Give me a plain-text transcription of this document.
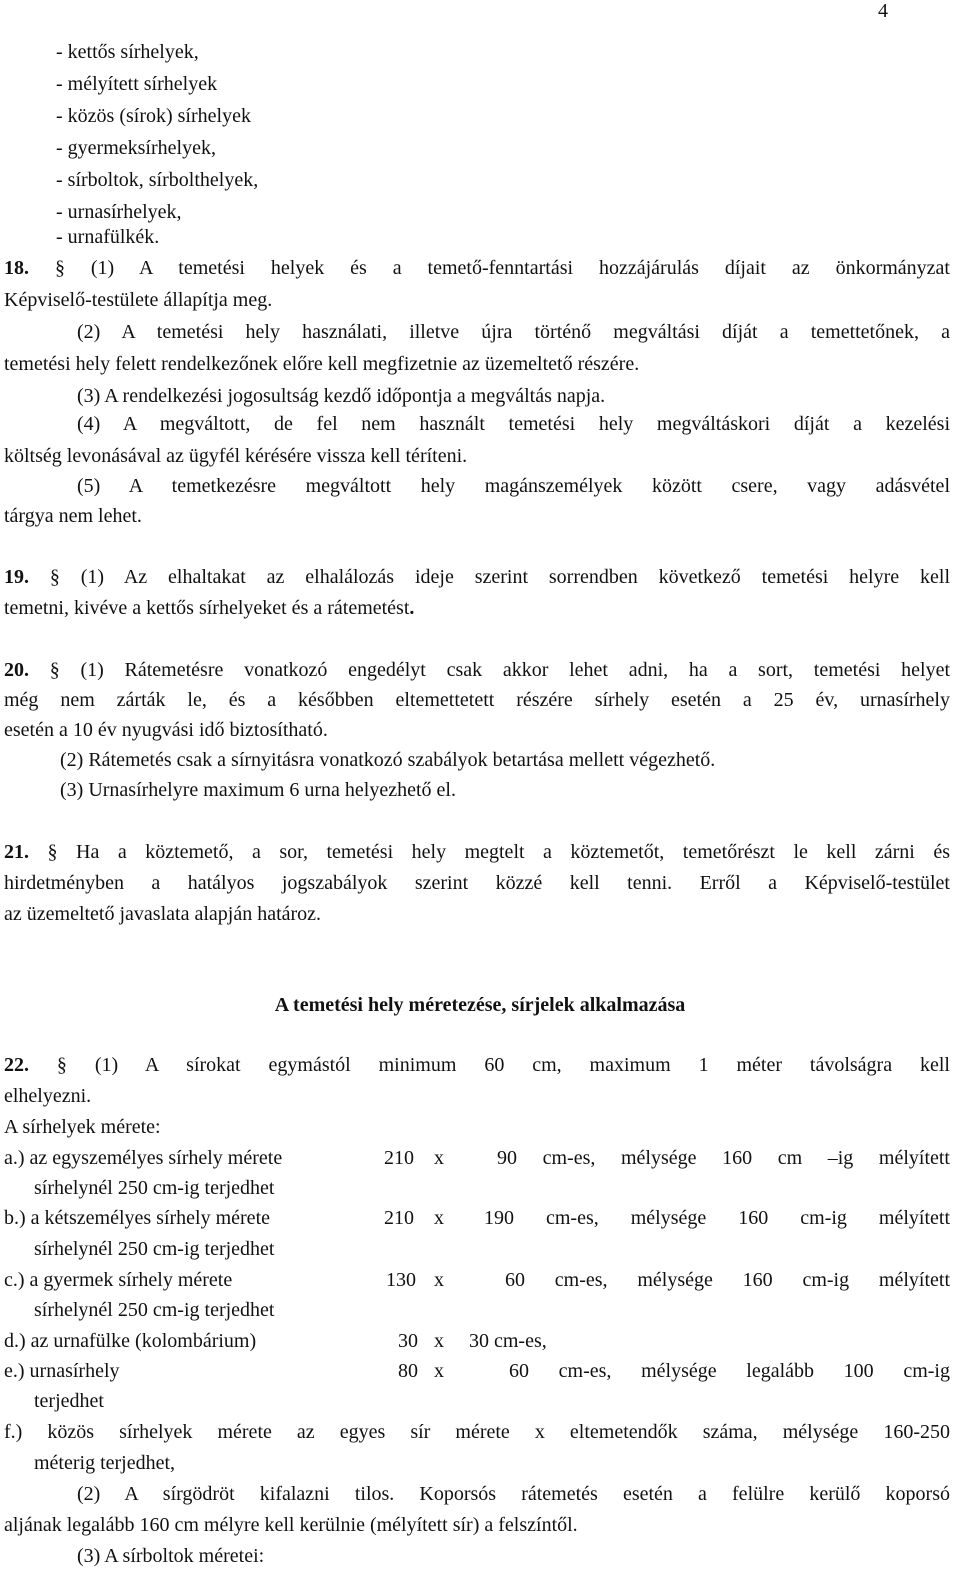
4
- kettős sírhelyek,
- mélyített sírhelyek
- közös (sírok) sírhelyek
- gyermeksírhelyek,
- sírboltok, sírbolthelyek,
- urnasírhelyek,
- urnafülkék.
18. § (1) A temetési helyek és a temető-fenntartási hozzájárulás díjait az önkormányzat
Képviselő-testülete állapítja meg.
(2) A temetési hely használati, illetve újra történő megváltási díját a temettetőnek, a
temetési hely felett rendelkezőnek előre kell megfizetnie az üzemeltető részére.
(3) A rendelkezési jogosultság kezdő időpontja a megváltás napja.
(4) A megváltott, de fel nem használt temetési hely megváltáskori díját a kezelési
költség levonásával az ügyfél kérésére vissza kell téríteni.
(5) A temetkezésre megváltott hely magánszemélyek között csere, vagy adásvétel
tárgya nem lehet.
19. § (1) Az elhaltakat az elhalálozás ideje szerint sorrendben következő temetési helyre kell
temetni, kivéve a kettős sírhelyeket és a rátemetést.
20. § (1) Rátemetésre vonatkozó engedélyt csak akkor lehet adni, ha a sort, temetési helyet
még nem zárták le, és a későbben eltemettetett részére sírhely esetén a 25 év, urnasírhely
esetén a 10 év nyugvási idő biztosítható.
(2) Rátemetés csak a sírnyitásra vonatkozó szabályok betartása mellett végezhető.
(3) Urnasírhelyre maximum 6 urna helyezhető el.
21. § Ha a köztemető, a sor, temetési hely megtelt a köztemetőt, temetőrészt le kell zárni és
hirdetményben a hatályos jogszabályok szerint közzé kell tenni. Erről a Képviselő-testület
az üzemeltető javaslata alapján határoz.
A temetési hely méretezése, sírjelek alkalmazása
22. § (1) A sírokat egymástól minimum 60 cm, maximum 1 méter távolságra kell
elhelyezni.
A sírhelyek mérete:
a.) az egyszemélyes sírhely mérete	210 x	90 cm-es, mélysége 160 cm –ig mélyített
sírhelynél 250 cm-ig terjedhet
b.) a kétszemélyes sírhely mérete	210 x 190 cm-es, mélysége 160 cm-ig mélyített
sírhelynél 250 cm-ig terjedhet
c.) a gyermek sírhely mérete	130 x	60 cm-es, mélysége 160 cm-ig mélyített
sírhelynél 250 cm-ig terjedhet
d.) az urnafülke (kolombárium)	30 x 30 cm-es,
e.) urnasírhely	80 x	60 cm-es, mélysége legalább 100 cm-ig
terjedhet
f.) közös sírhelyek mérete az egyes sír mérete x eltemetendők száma, mélysége 160-250
méterig terjedhet,
(2) A sírgödröt kifalazni tilos. Koporsós rátemetés esetén a felülre kerülő koporsó
aljának legalább 160 cm mélyre kell kerülnie (mélyített sír) a felszíntől.
(3) A sírboltok méretei:
